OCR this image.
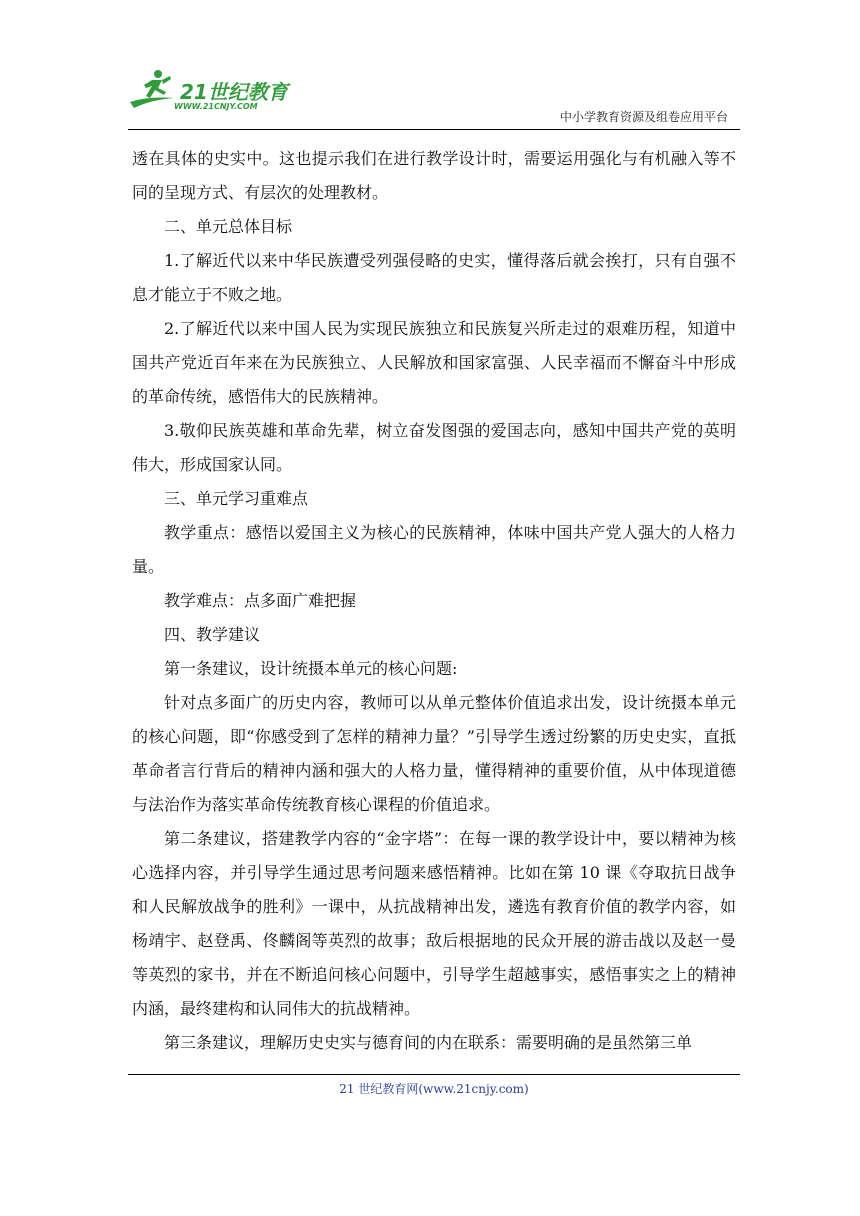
21世纪教育
WWW.21CNJY.COM
中小学教育资源及组卷应用平台

透在具体的史实中。这也提示我们在进行教学设计时，需要运用强化与有机融入等不同的呈现方式、有层次的处理教材。

二、单元总体目标

1.了解近代以来中华民族遭受列强侵略的史实，懂得落后就会挨打，只有自强不息才能立于不败之地。

2.了解近代以来中国人民为实现民族独立和民族复兴所走过的艰难历程，知道中国共产党近百年来在为民族独立、人民解放和国家富强、人民幸福而不懈奋斗中形成的革命传统，感悟伟大的民族精神。

3.敬仰民族英雄和革命先辈，树立奋发图强的爱国志向，感知中国共产党的英明伟大，形成国家认同。

三、单元学习重难点

教学重点：感悟以爱国主义为核心的民族精神，体味中国共产党人强大的人格力量。

教学难点：点多面广难把握

四、教学建议

第一条建议，设计统摄本单元的核心问题:

针对点多面广的历史内容，教师可以从单元整体价值追求出发，设计统摄本单元的核心问题，即“你感受到了怎样的精神力量？”引导学生透过纷繁的历史史实，直抵革命者言行背后的精神内涵和强大的人格力量，懂得精神的重要价值，从中体现道德与法治作为落实革命传统教育核心课程的价值追求。

第二条建议，搭建教学内容的“金字塔”：在每一课的教学设计中，要以精神为核心选择内容，并引导学生通过思考问题来感悟精神。比如在第 10 课《夺取抗日战争和人民解放战争的胜利》一课中，从抗战精神出发，遴选有教育价值的教学内容，如杨靖宇、赵登禹、佟麟阁等英烈的故事；敌后根据地的民众开展的游击战以及赵一曼等英烈的家书，并在不断追问核心问题中，引导学生超越事实，感悟事实之上的精神内涵，最终建构和认同伟大的抗战精神。

第三条建议，理解历史史实与德育间的内在联系：需要明确的是虽然第三单

21 世纪教育网(www.21cnjy.com)
